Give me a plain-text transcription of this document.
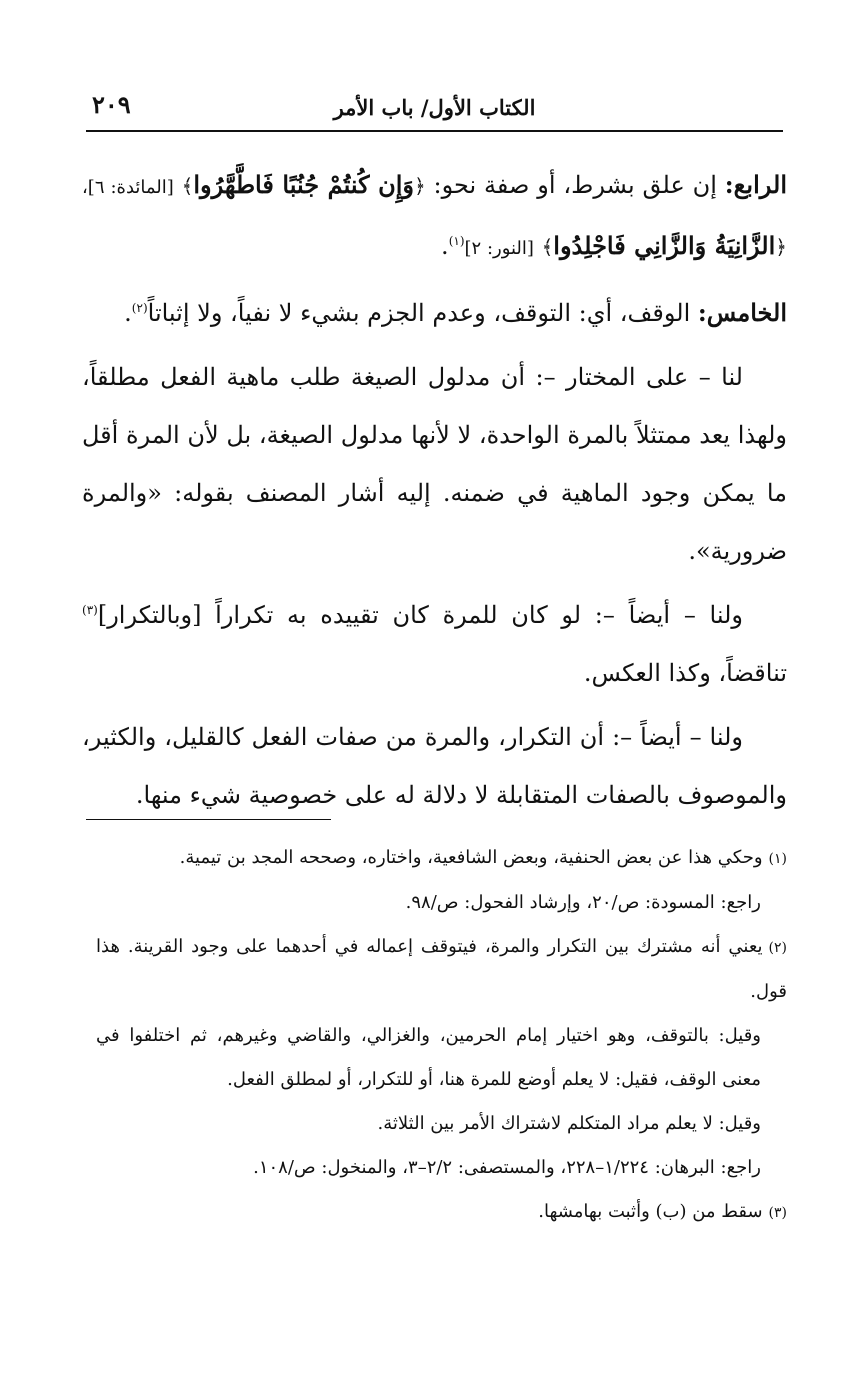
الكتاب الأول/ باب الأمر
٢٠٩

الرابع: إن علق بشرط، أو صفة نحو: ﴿وَإِن كُنتُمْ جُنُبًا فَاطَّهَّرُوا﴾ [المائدة: ٦]، ﴿الزَّانِيَةُ وَالزَّانِي فَاجْلِدُوا﴾ [النور: ٢]$^{(١)}$.

الخامس: الوقف، أي: التوقف، وعدم الجزم بشيء لا نفياً، ولا إثباتاً$^{(٢)}$.

لنا – على المختار –: أن مدلول الصيغة طلب ماهية الفعل مطلقاً، ولهذا يعد ممتثلاً بالمرة الواحدة، لا لأنها مدلول الصيغة، بل لأن المرة أقل ما يمكن وجود الماهية في ضمنه. إليه أشار المصنف بقوله: «والمرة ضرورية».

ولنا – أيضاً –: لو كان للمرة كان تقييده به تكراراً [وبالتكرار]$^{(٣)}$ تناقضاً، وكذا العكس.

ولنا – أيضاً –: أن التكرار، والمرة من صفات الفعل كالقليل، والكثير، والموصوف بالصفات المتقابلة لا دلالة له على خصوصية شيء منها.

(١)وحكي هذا عن بعض الحنفية، وبعض الشافعية، واختاره، وصححه المجد بن تيمية.

راجع: المسودة: ص/٢٠، وإرشاد الفحول: ص/٩٨.

(٢)يعني أنه مشترك بين التكرار والمرة، فيتوقف إعماله في أحدهما على وجود القرينة. هذا قول.

وقيل: بالتوقف، وهو اختيار إمام الحرمين، والغزالي، والقاضي وغيرهم، ثم اختلفوا في معنى الوقف، فقيل: لا يعلم أوضع للمرة هنا، أو للتكرار، أو لمطلق الفعل.

وقيل: لا يعلم مراد المتكلم لاشتراك الأمر بين الثلاثة.

راجع: البرهان: ١/٢٢٤–٢٢٨، والمستصفى: ٢/٢–٣، والمنخول: ص/١٠٨.

(٣)سقط من (ب) وأثبت بهامشها.
